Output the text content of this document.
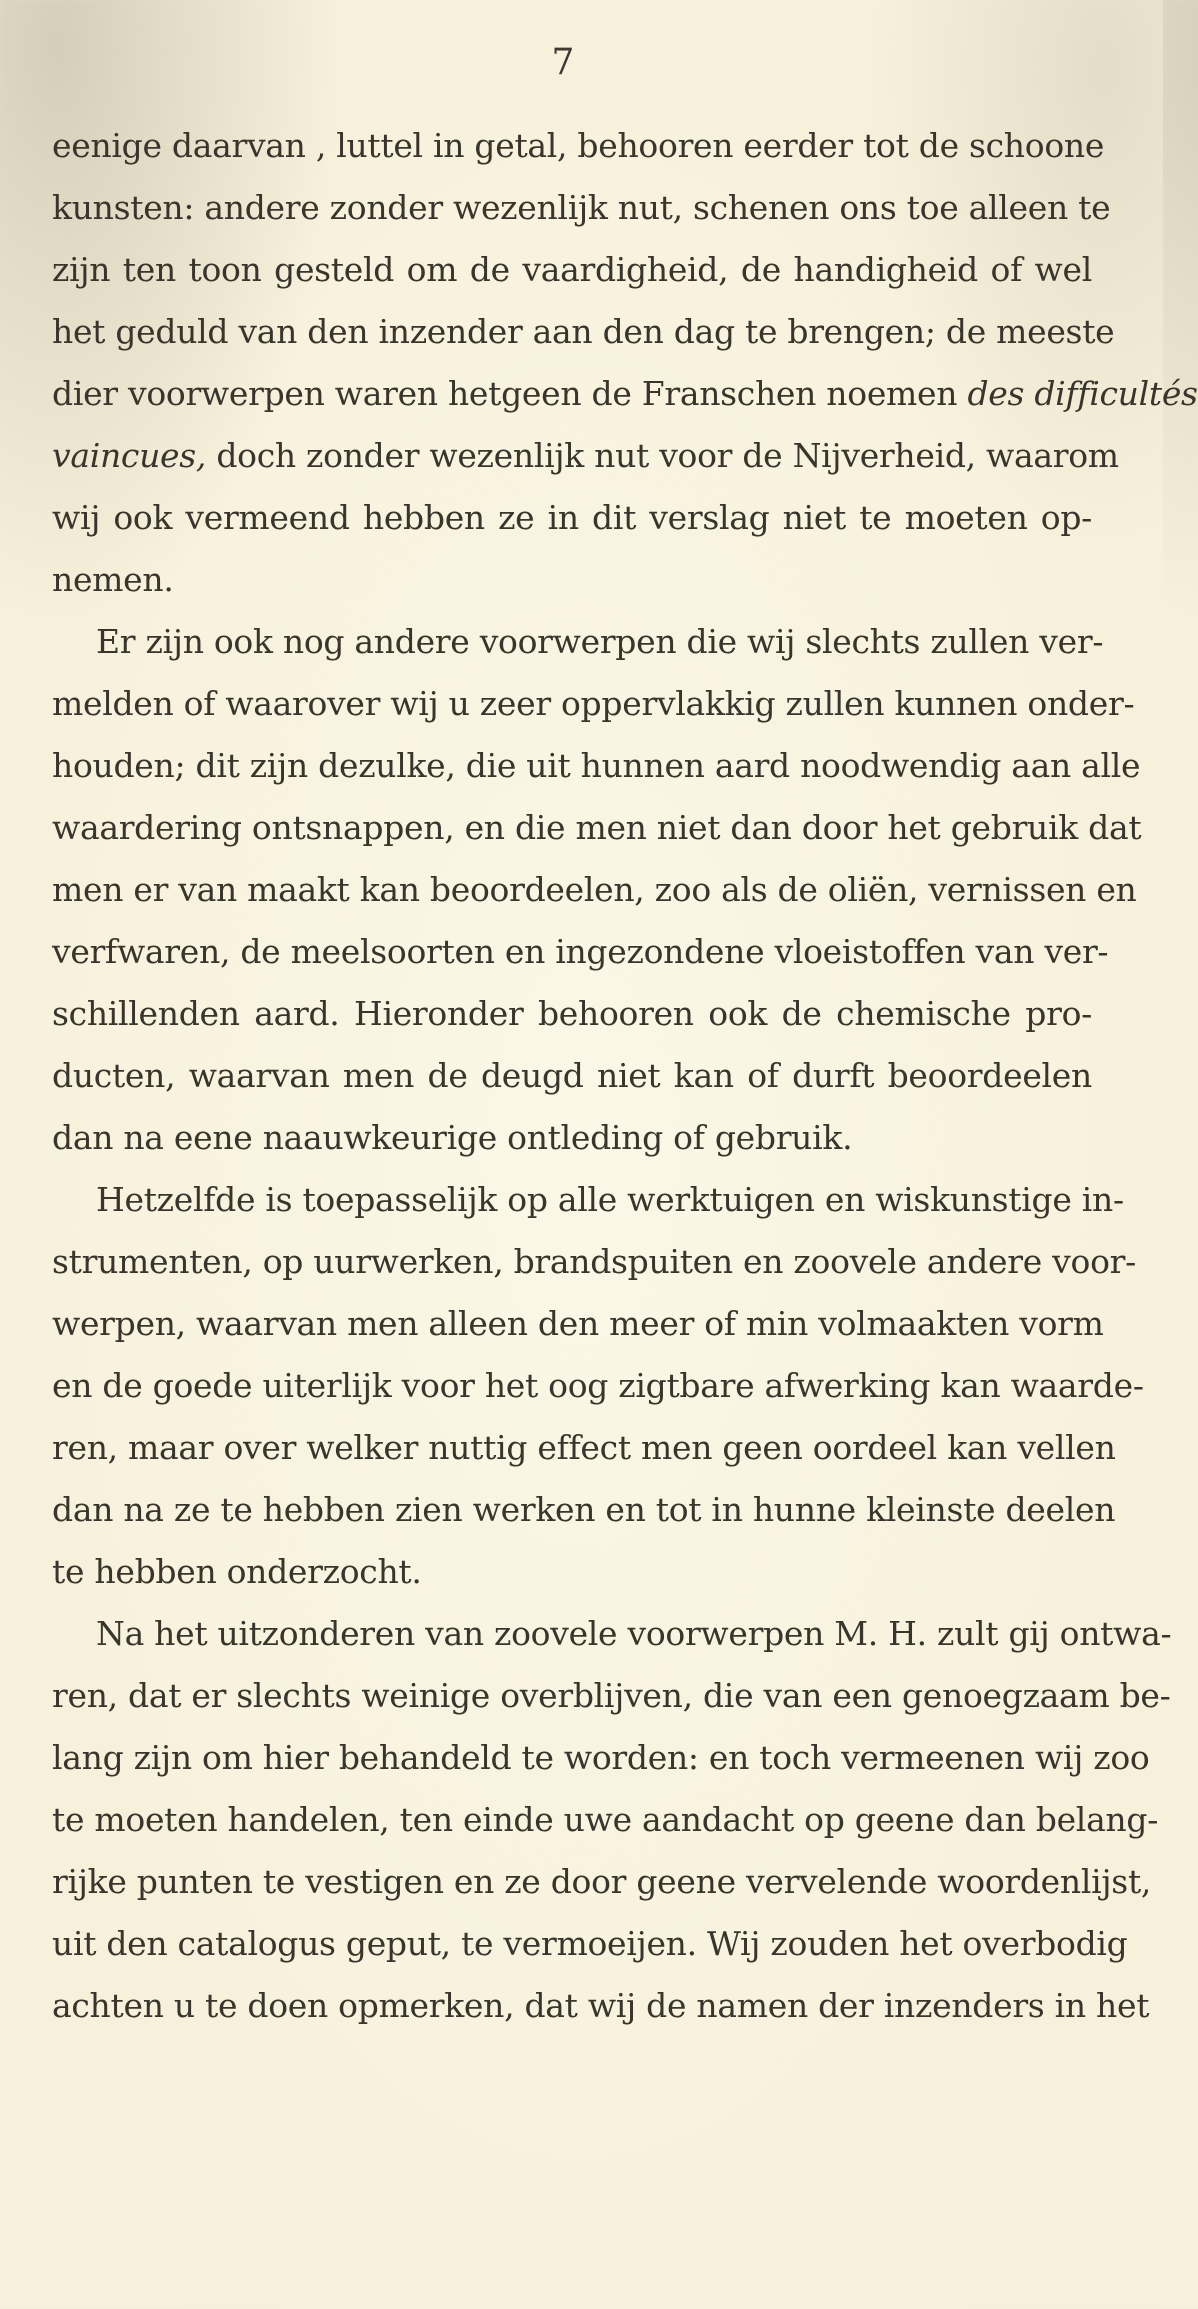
7
eenige daarvan , luttel in getal, behooren eerder tot de schoone
kunsten: andere zonder wezenlijk nut, schenen ons toe alleen te
zijn ten toon gesteld om de vaardigheid, de handigheid of wel
het geduld van den inzender aan den dag te brengen; de meeste
dier voorwerpen waren hetgeen de Franschen noemen des difficultés
vaincues, doch zonder wezenlijk nut voor de Nijverheid, waarom
wij ook vermeend hebben ze in dit verslag niet te moeten op-
nemen.
Er zijn ook nog andere voorwerpen die wij slechts zullen ver-
melden of waarover wij u zeer oppervlakkig zullen kunnen onder-
houden; dit zijn dezulke, die uit hunnen aard noodwendig aan alle
waardering ontsnappen, en die men niet dan door het gebruik dat
men er van maakt kan beoordeelen, zoo als de oliën, vernissen en
verfwaren, de meelsoorten en ingezondene vloeistoffen van ver-
schillenden aard. Hieronder behooren ook de chemische pro-
ducten, waarvan men de deugd niet kan of durft beoordeelen
dan na eene naauwkeurige ontleding of gebruik.
Hetzelfde is toepasselijk op alle werktuigen en wiskunstige in-
strumenten, op uurwerken, brandspuiten en zoovele andere voor-
werpen, waarvan men alleen den meer of min volmaakten vorm
en de goede uiterlijk voor het oog zigtbare afwerking kan waarde-
ren, maar over welker nuttig effect men geen oordeel kan vellen
dan na ze te hebben zien werken en tot in hunne kleinste deelen
te hebben onderzocht.
Na het uitzonderen van zoovele voorwerpen M. H. zult gij ontwa-
ren, dat er slechts weinige overblijven, die van een genoegzaam be-
lang zijn om hier behandeld te worden: en toch vermeenen wij zoo
te moeten handelen, ten einde uwe aandacht op geene dan belang-
rijke punten te vestigen en ze door geene vervelende woordenlijst,
uit den catalogus geput, te vermoeijen. Wij zouden het overbodig
achten u te doen opmerken, dat wij de namen der inzenders in het
